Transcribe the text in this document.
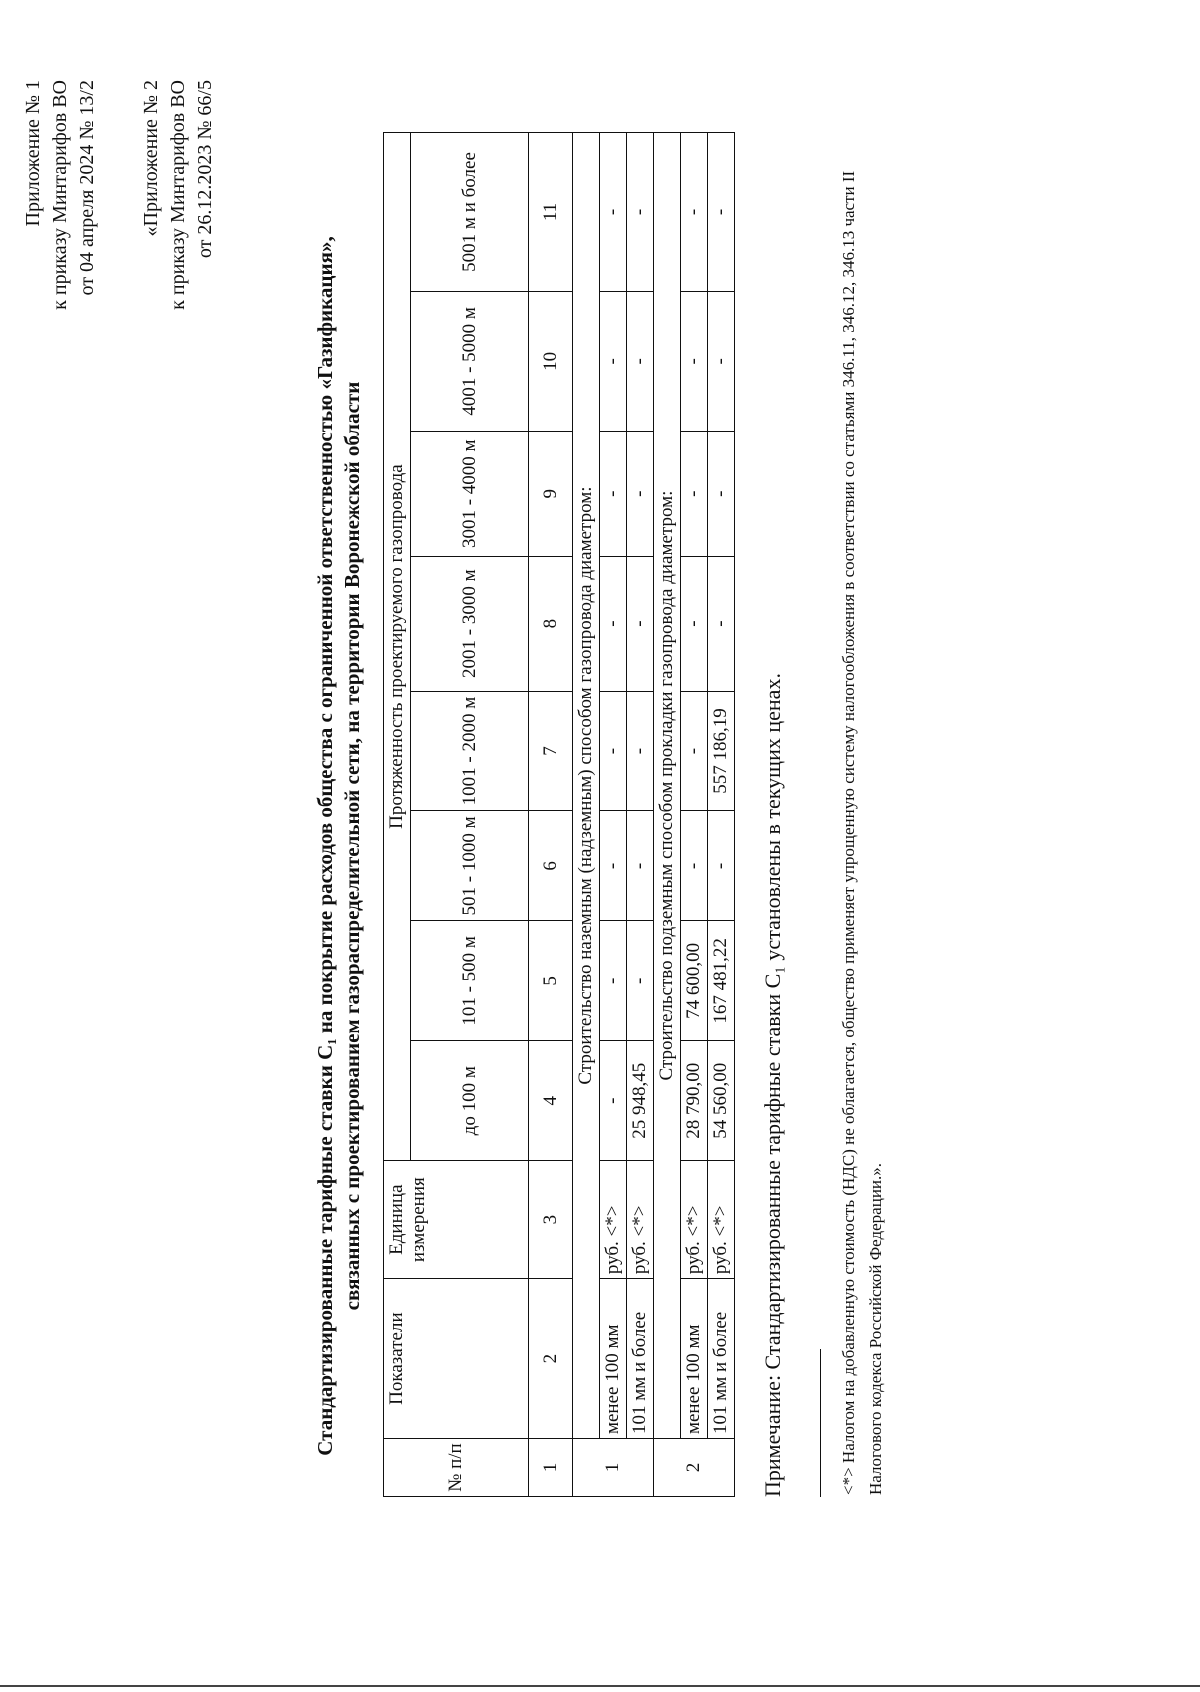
Приложение № 1 к приказу Минтарифов ВО от 04 апреля 2024 № 13/2 «Приложение № 2 к приказу Минтарифов ВО от 26.12.2023 № 66/5
Стандартизированные тарифные ставки C₁ на покрытие расходов общества с ограниченной ответственностью «Газификация», связанных с проектированием газораспределительной сети, на территории Воронежской области
№ п/п	Показатели	Единица измерения	Протяженность проектируемого газопровода							
			до 100 м	101 - 500 м	501 - 1000 м	1001 - 2000 м	2001 - 3000 м	3001 - 4000 м	4001 - 5000 м	5001 м и более
1	2	3	4	5	6	7	8	9	10	11
1	Строительство наземным (надземным) способом газопровода диаметром:									
	менее 100 мм	руб. <*>	-	-	-	-	-	-	-	-
	101 мм и более	руб. <*>	25 948,45	-	-	-	-	-	-	-
2	Строительство подземным способом прокладки газопровода диаметром:									
	менее 100 мм	руб. <*>	28 790,00	74 600,00	-	-	-	-	-	-
	101 мм и более	руб. <*>	54 560,00	167 481,22	-	557 186,19	-	-	-	-
Примечание: Стандартизированные тарифные ставки C₁ установлены в текущих ценах.	<*> Налогом на добавленную стоимость (НДС) не облагается, общество применяет упрощенную систему налогообложения в соответствии со статьями 346.11, 346.12, 346.13 части II Налогового кодекса Российской Федерации.».
